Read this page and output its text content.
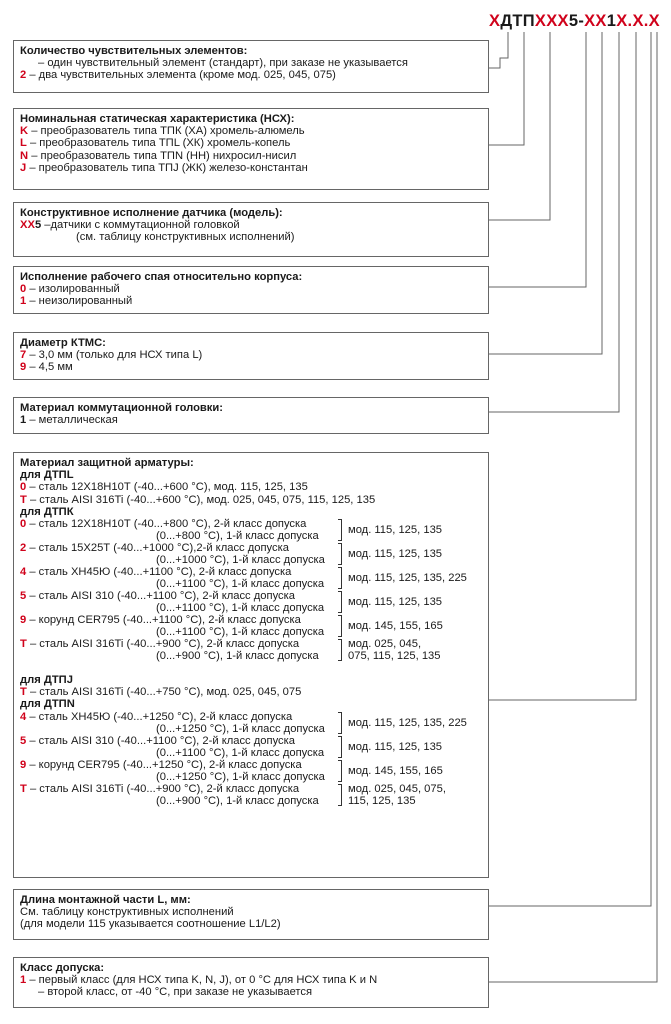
ХДТПХХХ5-ХХ1Х.Х.Х
Количество чувствительных элементов:
– один чувствительный элемент (стандарт), при заказе не указывается
2 – два чувствительных элемента (кроме мод. 025, 045, 075)
Номинальная статическая характеристика (НСХ):
K – преобразователь типа ТПК (ХА) хромель-алюмель
L – преобразователь типа ТПL (ХК) хромель-копель
N – преобразователь типа ТПN (НН) нихросил-нисил
J – преобразователь типа ТПJ (ЖК) железо-константан
Конструктивное исполнение датчика (модель):
ХХ5 –датчики с коммутационной головкой
(см. таблицу конструктивных исполнений)
Исполнение рабочего спая относительно корпуса:
0 – изолированный
1 – неизолированный
Диаметр КТМС:
7 – 3,0 мм (только для НСХ типа L)
9 – 4,5 мм
Материал коммутационной головки:
1 – металлическая
Материал защитной арматуры:
для ДТПL
0 – сталь 12Х18Н10Т (-40...+600 °С), мод. 115, 125, 135
T – сталь AISI 316Ti (-40...+600 °С), мод. 025, 045, 075, 115, 125, 135
для ДТПК
0 – сталь 12Х18Н10Т (-40...+800 °С), 2-й класс допуска
(0...+800 °С), 1-й класс допуска
мод. 115, 125, 135
2 – сталь 15Х25Т (-40...+1000 °С),2-й класс допуска
(0...+1000 °С), 1-й класс допуска
мод. 115, 125, 135
4 – сталь ХН45Ю (-40...+1100 °С), 2-й класс допуска
(0...+1100 °С), 1-й класс допуска
мод. 115, 125, 135, 225
5 – сталь AISI 310 (-40...+1100 °С), 2-й класс допуска
(0...+1100 °С), 1-й класс допуска
мод. 115, 125, 135
9 – корунд CER795 (-40...+1100 °С), 2-й класс допуска
(0...+1100 °С), 1-й класс допуска
мод. 145, 155, 165
T – сталь AISI 316Ti (-40...+900 °С), 2-й класс допуска
(0...+900 °С), 1-й класс допуска
мод. 025, 045,
075, 115, 125, 135
для ДТПJ
T – сталь AISI 316Ti (-40...+750 °С), мод. 025, 045, 075
для ДТПN
4 – сталь ХН45Ю (-40...+1250 °С), 2-й класс допуска
(0...+1250 °С), 1-й класс допуска
мод. 115, 125, 135, 225
5 – сталь AISI 310 (-40...+1100 °С), 2-й класс допуска
(0...+1100 °С), 1-й класс допуска
мод. 115, 125, 135
9 – корунд CER795 (-40...+1250 °С), 2-й класс допуска
(0...+1250 °С), 1-й класс допуска
мод. 145, 155, 165
T – сталь AISI 316Ti (-40...+900 °С), 2-й класс допуска
(0...+900 °С), 1-й класс допуска
мод. 025, 045, 075,
115, 125, 135
Длина монтажной части L, мм:
См. таблицу конструктивных исполнений
(для модели 115 указывается соотношение L1/L2)
Класс допуска:
1 – первый класс (для НСХ типа K, N, J), от 0 °С для НСХ типа K и N
– второй класс, от -40 °С, при заказе не указывается
